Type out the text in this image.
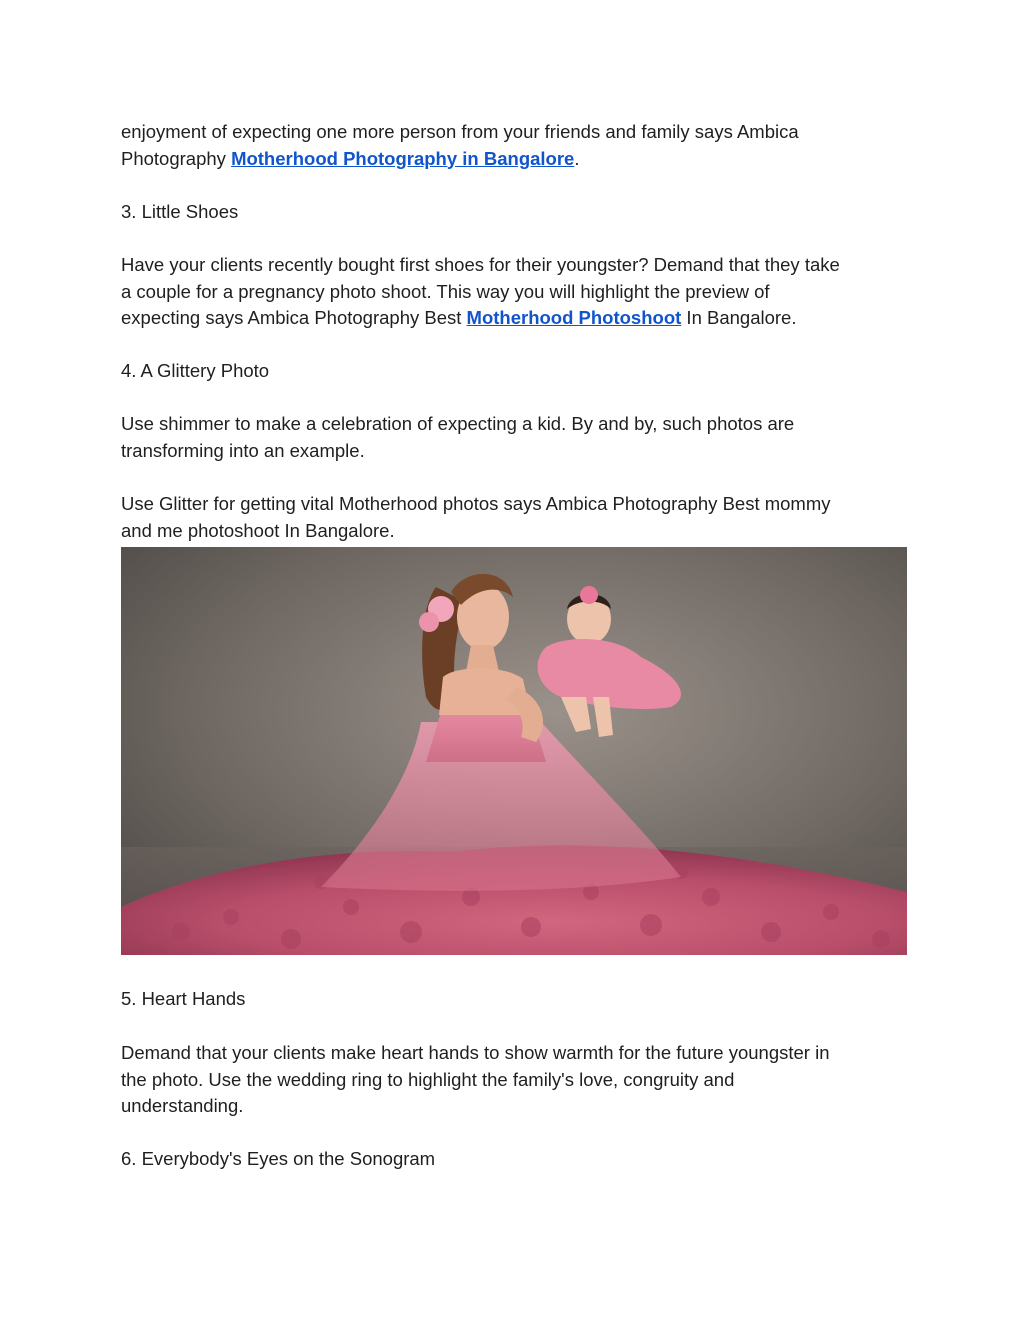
enjoyment of expecting one more person from your friends and family says Ambica
Photography Motherhood Photography in Bangalore.

3. Little Shoes

Have your clients recently bought first shoes for their youngster? Demand that they take
a couple for a pregnancy photo shoot. This way you will highlight the preview of
expecting says Ambica Photography Best Motherhood Photoshoot In Bangalore.

4. A Glittery Photo

Use shimmer to make a celebration of expecting a kid. By and by, such photos are
transforming into an example.

Use Glitter for getting vital Motherhood photos says Ambica Photography Best mommy
and me photoshoot In Bangalore.

5. Heart Hands

Demand that your clients make heart hands to show warmth for the future youngster in
the photo. Use the wedding ring to highlight the family's love, congruity and
understanding.

6. Everybody's Eyes on the Sonogram
